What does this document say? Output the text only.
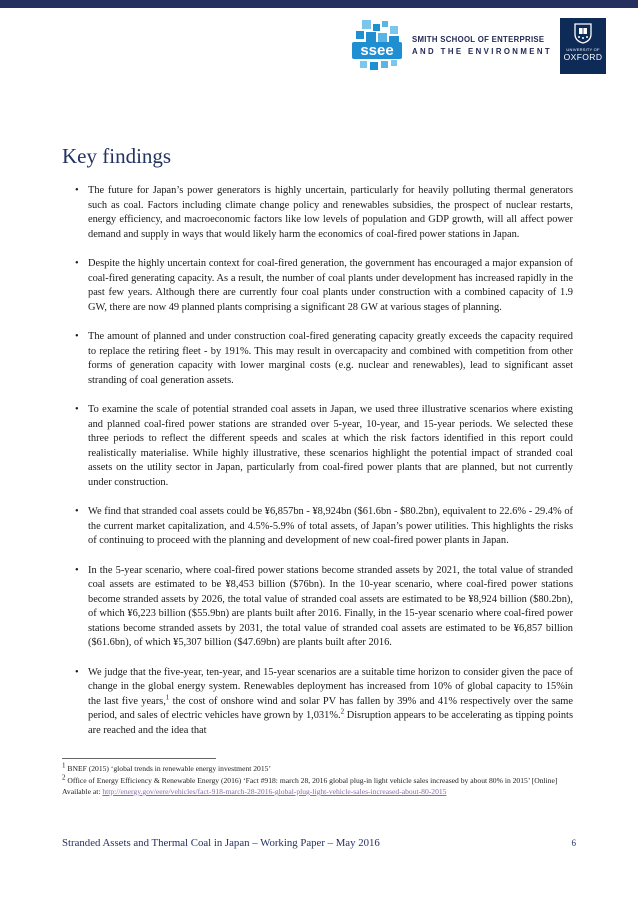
ssee
SMITH SCHOOL OF ENTERPRISE
AND THE ENVIRONMENT	UNIVERSITY OF
OXFORD
Key findings
• The future for Japan’s power generators is highly uncertain, particularly for heavily polluting thermal generators such as coal. Factors including climate change policy and renewables subsidies, the prospect of nuclear restarts, energy efficiency, and macroeconomic factors like low levels of population and GDP growth, will all affect power demand and supply in ways that would likely harm the economics of coal-fired power stations in Japan.
• Despite the highly uncertain context for coal-fired generation, the government has encouraged a major expansion of coal-fired generating capacity. As a result, the number of coal plants under development has increased rapidly in the past few years. Although there are currently four coal plants under construction with a combined capacity of 1.9 GW, there are now 49 planned plants comprising a significant 28 GW at various stages of planning.
• The amount of planned and under construction coal-fired generating capacity greatly exceeds the capacity required to replace the retiring fleet - by 191%. This may result in overcapacity and combined with competition from other forms of generation capacity with lower marginal costs (e.g. nuclear and renewables), lead to significant asset stranding of coal generation assets.
• To examine the scale of potential stranded coal assets in Japan, we used three illustrative scenarios where existing and planned coal-fired power stations are stranded over 5-year, 10-year, and 15-year periods. We selected these three periods to reflect the different speeds and scales at which the risk factors identified in this report could realistically materialise. While highly illustrative, these scenarios highlight the potential impact of stranded coal assets on the utility sector in Japan, particularly from coal-fired power plants that are planned, but not currently under construction.
• We find that stranded coal assets could be ¥6,857bn - ¥8,924bn ($61.6bn - $80.2bn), equivalent to 22.6% - 29.4% of the current market capitalization, and 4.5%-5.9% of total assets, of Japan’s power utilities. This highlights the risks of continuing to proceed with the planning and development of new coal-fired power plants in Japan.
• In the 5-year scenario, where coal-fired power stations become stranded assets by 2021, the total value of stranded coal assets are estimated to be ¥8,453 billion ($76bn). In the 10-year scenario, where coal-fired power stations become stranded assets by 2026, the total value of stranded coal assets are estimated to be ¥8,924 billion ($80.2bn), of which ¥6,223 billion ($55.9bn) are plants built after 2016. Finally, in the 15-year scenario where coal-fired power stations become stranded assets by 2031, the total value of stranded coal assets are estimated to be ¥6,857 billion ($61.6bn), of which ¥5,307 billion ($47.69bn) are plants built after 2016.
• We judge that the five-year, ten-year, and 15-year scenarios are a suitable time horizon to consider given the pace of change in the global energy system. Renewables deployment has increased from 10% of global capacity to 15%in the last five years,$^1$ the cost of onshore wind and solar PV has fallen by 39% and 41% respectively over the same period, and sales of electric vehicles have grown by 1,031%.$^2$ Disruption appears to be accelerating as tipping points are reached and the idea that

$^1$ BNEF (2015) ‘global trends in renewable energy investment 2015’

$^2$ Office of Energy Efficiency & Renewable Energy (2016) ‘Fact #918: march 28, 2016 global plug-in light vehicle sales increased by about 80% in 2015’ [Online] Available at: http://energy.gov/eere/vehicles/fact-918-march-28-2016-global-plug-light-vehicle-sales-increased-about-80-2015

Stranded Assets and Thermal Coal in Japan – Working Paper – May 2016	6
